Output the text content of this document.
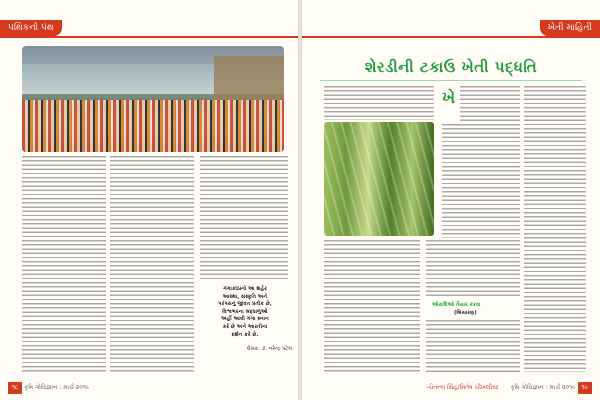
પથિકનો પંથ
ગંગાકાંઠાનો આ શહેર
આસ્થા, સંસ્કૃતિ અને
પરંપરાનું જીવંત પ્રતીક છે,
વિશ્વભરના શ્રદ્ધાળુઓ
અહીં આવી ગંગા સ્નાન
કરે છે અને આરતીના
દર્શન કરે છે.
લેખક: ડૉ. નરેન્દ્ર પટેલ
૧૮ કૃષિ ગોવિજ્ઞાન : માર્ચ ૨૦૧૯
ખેતી માહિતી
શેરડીની ટકાઉ ખેતી પદ્ધતિ
ખે
ઓરાલિઓ તૈયાર કરવા
(બિયારણ)
-ચૈતન્ય સિંહ/મિતેષ ચીખલીયા કૃષિ ગોવિજ્ઞાન : માર્ચ ૨૦૧૯ ૧૯
